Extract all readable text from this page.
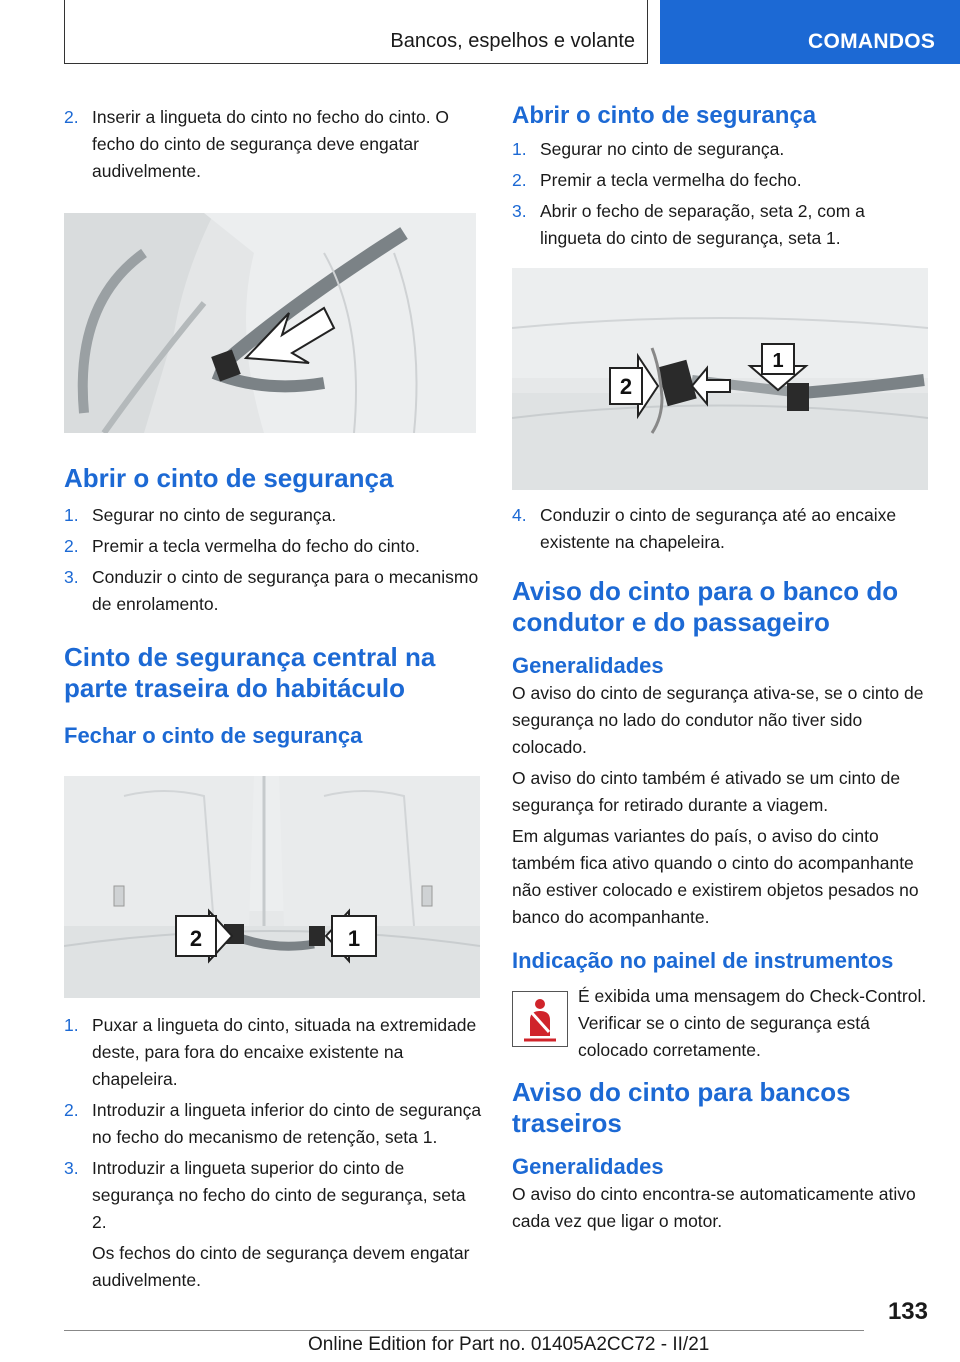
Bancos, espelhos e volante	COMANDOS
2. Inserir a lingueta do cinto no fecho do cinto. O fecho do cinto de segurança deve engatar audivelmente.
Abrir o cinto de segurança
1. Segurar no cinto de segurança.
2. Premir a tecla vermelha do fecho do cinto.
3. Conduzir o cinto de segurança para o mecanismo de enrolamento.
Cinto de segurança central na parte traseira do habitáculo
Fechar o cinto de segurança
2	1
1. Puxar a lingueta do cinto, situada na extremidade deste, para fora do encaixe existente na chapeleira.
2. Introduzir a lingueta inferior do cinto de segurança no fecho do mecanismo de retenção, seta 1.
3. Introduzir a lingueta superior do cinto de segurança no fecho do cinto de segurança, seta 2.
Os fechos do cinto de segurança devem engatar audivelmente.
Abrir o cinto de segurança
1. Segurar no cinto de segurança.
2. Premir a tecla vermelha do fecho.
3. Abrir o fecho de separação, seta 2, com a lingueta do cinto de segurança, seta 1.
1
2
4. Conduzir o cinto de segurança até ao encaixe existente na chapeleira.
Aviso do cinto para o banco do condutor e do passageiro
Generalidades

O aviso do cinto de segurança ativa-se, se o cinto de segurança no lado do condutor não tiver sido colocado.

O aviso do cinto também é ativado se um cinto de segurança for retirado durante a viagem.

Em algumas variantes do país, o aviso do cinto também fica ativo quando o cinto do acompanhante não estiver colocado e existirem objetos pesados no banco do acompanhante.

Indicação no painel de instrumentos
É exibida uma mensagem do Check-Control. Verificar se o cinto de segurança está colocado corretamente.
Aviso do cinto para bancos traseiros
Generalidades

O aviso do cinto encontra-se automaticamente ativo cada vez que ligar o motor.

133
Online Edition for Part no. 01405A2CC72 - II/21
